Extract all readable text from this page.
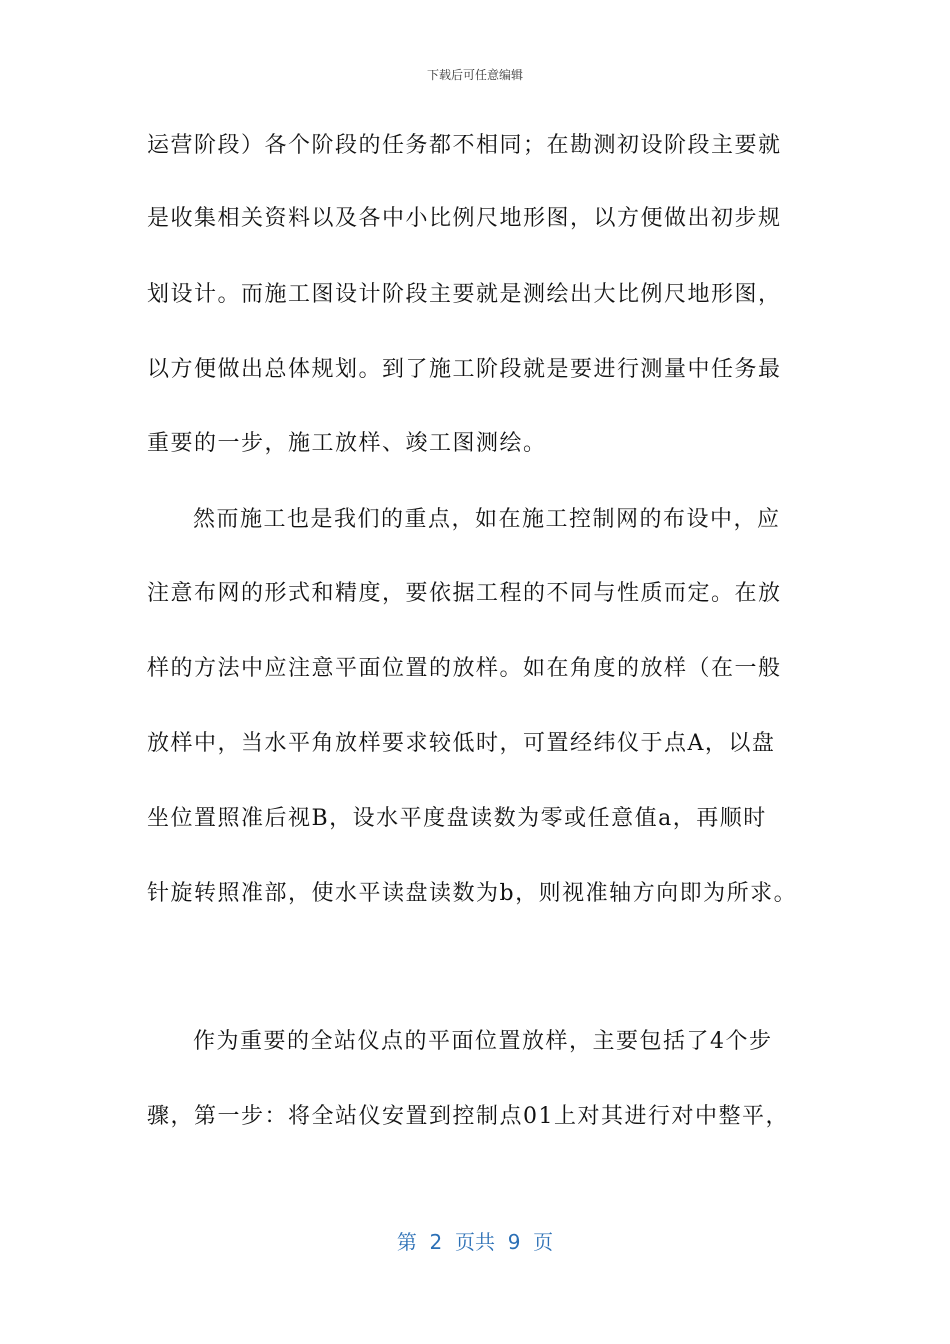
下载后可任意编辑
运营阶段）各个阶段的任务都不相同；在勘测初设阶段主要就
是收集相关资料以及各中小比例尺地形图，以方便做出初步规
划设计。而施工图设计阶段主要就是测绘出大比例尺地形图，
以方便做出总体规划。到了施工阶段就是要进行测量中任务最
重要的一步，施工放样、竣工图测绘。
然而施工也是我们的重点，如在施工控制网的布设中，应
注意布网的形式和精度，要依据工程的不同与性质而定。在放
样的方法中应注意平面位置的放样。如在角度的放样（在一般
放样中，当水平角放样要求较低时，可置经纬仪于点A，以盘
坐位置照准后视B，设水平度盘读数为零或任意值a，再顺时
针旋转照准部，使水平读盘读数为b，则视准轴方向即为所求。
作为重要的全站仪点的平面位置放样，主要包括了4个步
骤，第一步：将全站仪安置到控制点01上对其进行对中整平，
第  2  页共  9  页
